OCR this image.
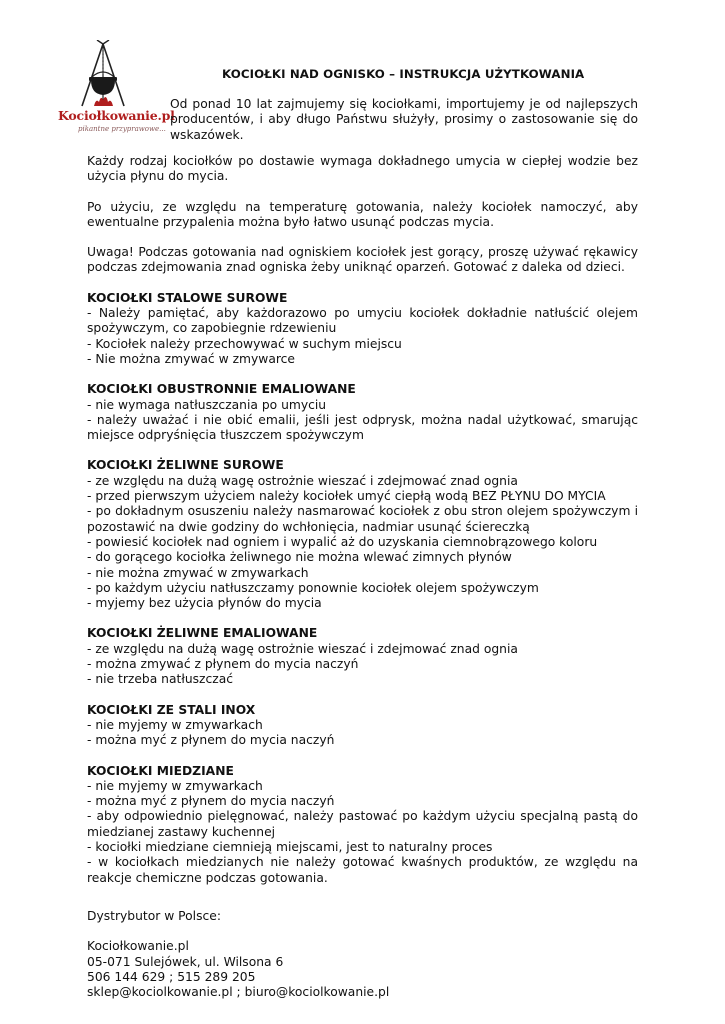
Kociołkowanie.pl
pikantne przyprawowe...
KOCIOŁKI NAD OGNISKO – INSTRUKCJA UŻYTKOWANIA
Od ponad 10 lat zajmujemy się kociołkami, importujemy je od najlepszych producentów, i aby długo Państwu służyły, prosimy o zastosowanie się do wskazówek.
Każdy rodzaj kociołków po dostawie wymaga dokładnego umycia w ciepłej wodzie bez użycia płynu do mycia.
Po użyciu, ze względu na temperaturę gotowania, należy kociołek namoczyć, aby ewentualne przypalenia można było łatwo usunąć podczas mycia.
Uwaga! Podczas gotowania nad ogniskiem kociołek jest gorący, proszę używać rękawicy podczas zdejmowania znad ogniska żeby uniknąć oparzeń. Gotować z daleka od dzieci.
KOCIOŁKI STALOWE SUROWE
- Należy pamiętać, aby każdorazowo po umyciu kociołek dokładnie natłuścić olejem spożywczym, co zapobiegnie rdzewieniu
- Kociołek należy przechowywać w suchym miejscu
- Nie można zmywać w zmywarce
KOCIOŁKI OBUSTRONNIE EMALIOWANE
- nie wymaga natłuszczania po umyciu
- należy uważać i nie obić emalii, jeśli jest odprysk, można nadal użytkować, smarując miejsce odpryśnięcia tłuszczem spożywczym
KOCIOŁKI ŻELIWNE SUROWE
- ze względu na dużą wagę ostrożnie wieszać i zdejmować znad ognia
- przed pierwszym użyciem należy kociołek umyć ciepłą wodą BEZ PŁYNU DO MYCIA
- po dokładnym osuszeniu należy nasmarować kociołek z obu stron olejem spożywczym i pozostawić na dwie godziny do wchłonięcia, nadmiar usunąć ściereczką
- powiesić kociołek nad ogniem i wypalić aż do uzyskania ciemnobrązowego koloru
- do gorącego kociołka żeliwnego nie można wlewać zimnych płynów
- nie można zmywać w zmywarkach
- po każdym użyciu natłuszczamy ponownie kociołek olejem spożywczym
- myjemy bez użycia płynów do mycia
KOCIOŁKI ŻELIWNE EMALIOWANE
- ze względu na dużą wagę ostrożnie wieszać i zdejmować znad ognia
- można zmywać z płynem do mycia naczyń
- nie trzeba natłuszczać
KOCIOŁKI ZE STALI INOX
- nie myjemy w zmywarkach
- można myć z płynem do mycia naczyń
KOCIOŁKI MIEDZIANE
- nie myjemy w zmywarkach
- można myć z płynem do mycia naczyń
- aby odpowiednio pielęgnować, należy pastować po każdym użyciu specjalną pastą do miedzianej zastawy kuchennej
- kociołki miedziane ciemnieją miejscami, jest to naturalny proces
- w kociołkach miedzianych nie należy gotować kwaśnych produktów, ze względu na reakcje chemiczne podczas gotowania.
Dystrybutor w Polsce:
Kociołkowanie.pl
05-071 Sulejówek, ul. Wilsona 6
506 144 629 ; 515 289 205
sklep@kociolkowanie.pl ; biuro@kociolkowanie.pl
